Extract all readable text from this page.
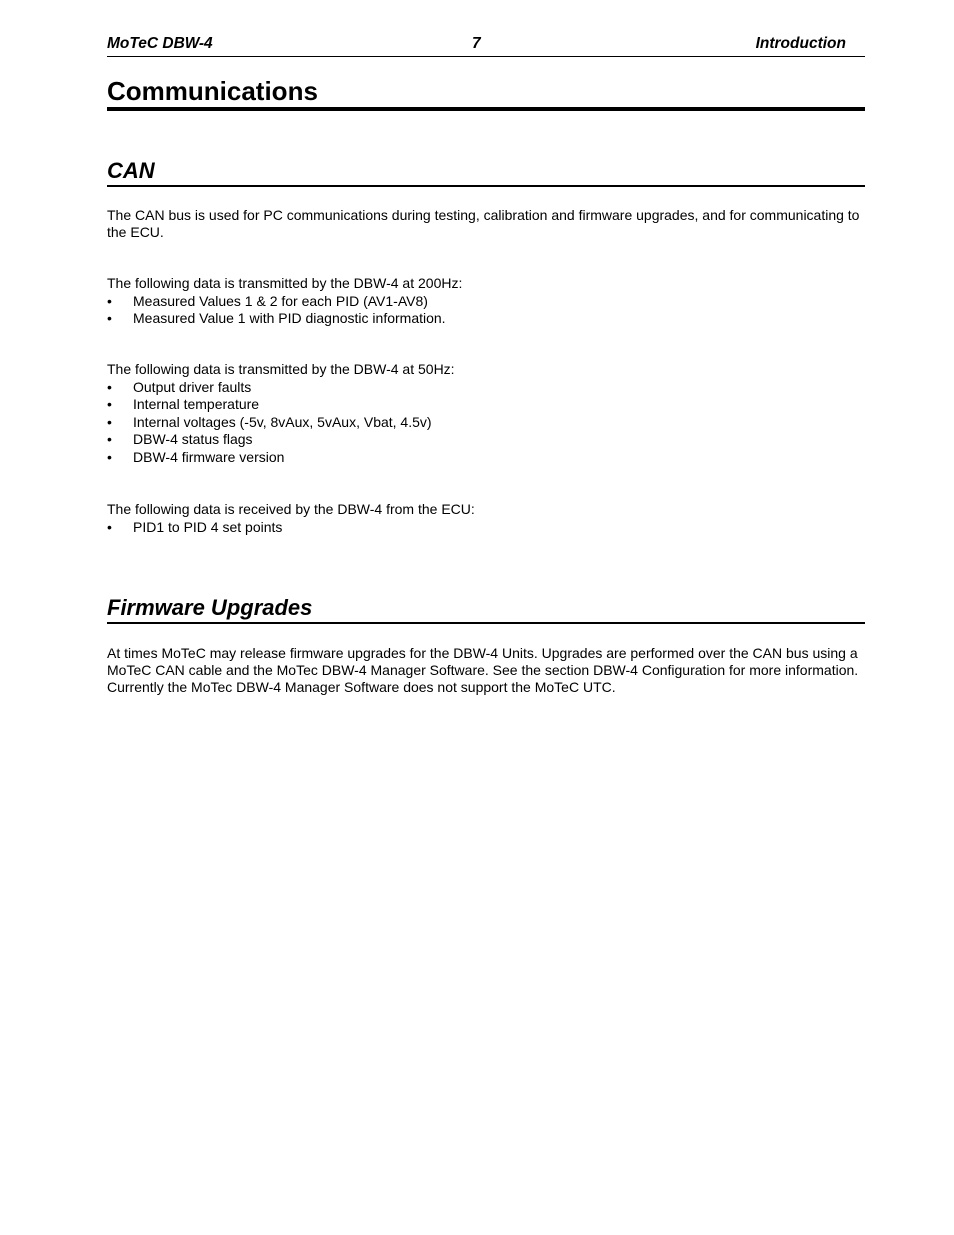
MoTeC DBW-4	7	Introduction
Communications
CAN

The CAN bus is used for PC communications during testing, calibration and firmware upgrades, and for communicating to the ECU.

The following data is transmitted by the DBW-4 at 200Hz:

•	Measured Values 1 & 2 for each PID (AV1-AV8)
•	Measured Value 1 with PID diagnostic information.

The following data is transmitted by the DBW-4 at 50Hz:

•	Output driver faults
•	Internal temperature
•	Internal voltages (-5v, 8vAux, 5vAux, Vbat, 4.5v)
•	DBW-4 status flags
•	DBW-4 firmware version

The following data is received by the DBW-4 from the ECU:

•	PID1 to PID 4 set points
Firmware Upgrades

At times MoTeC may release firmware upgrades for the DBW-4 Units. Upgrades are performed over the CAN bus using a MoTeC CAN cable and the MoTec DBW-4 Manager Software. See the section DBW-4 Configuration for more information. Currently the MoTec DBW-4 Manager Software does not support the MoTeC UTC.
